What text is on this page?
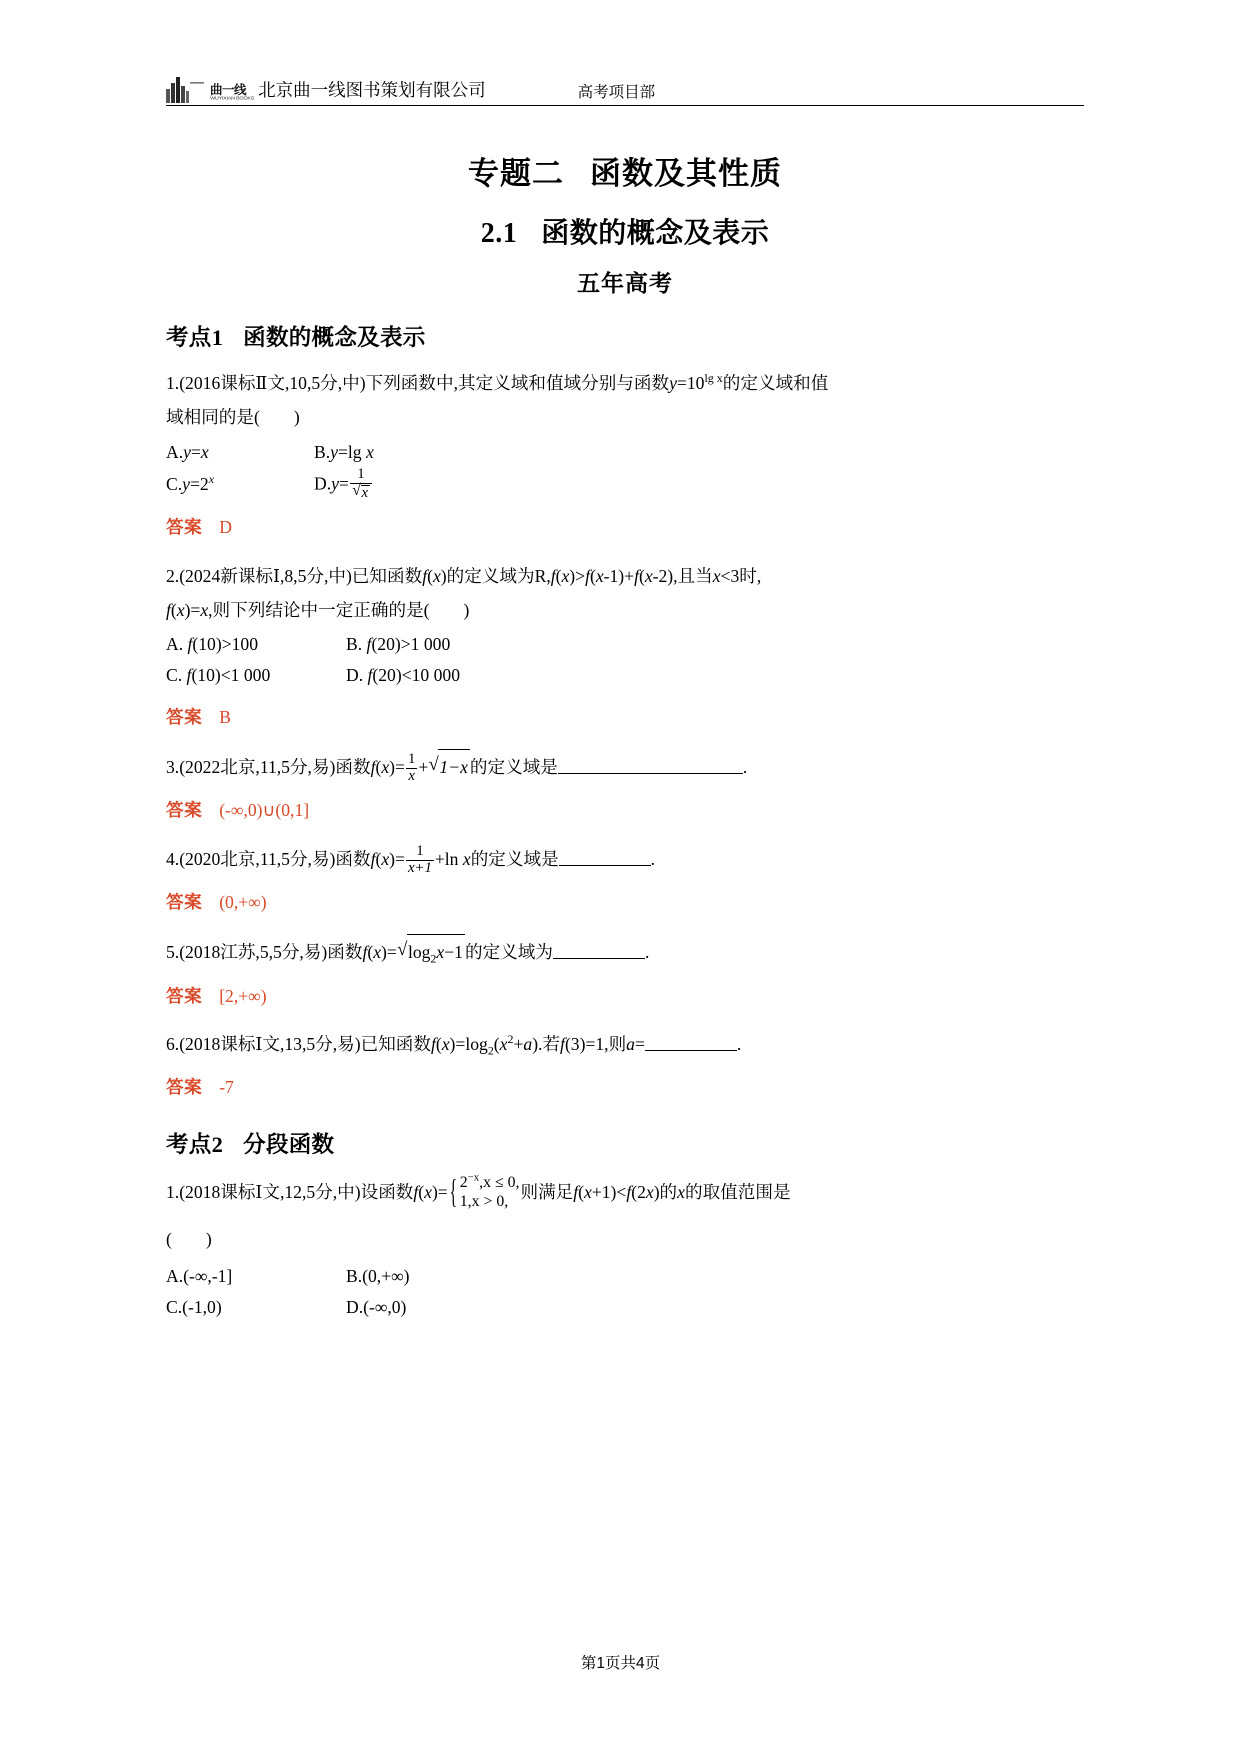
曲一线
WUYIXIAN BOOKS 北京曲一线图书策划有限公司	高考项目部
专题二 函数及其性质
2.1 函数的概念及表示
五年高考
考点1 函数的概念及表示
1.(2016课标Ⅱ文,10,5分,中)下列函数中,其定义域和值域分别与函数$y=10^{lg x}$的定义域和值
域相同的是( )
A.y=x	B.y=lg x
$C.y=2^x$	D.y= 1
√ x
答案 D
2.(2024新课标Ⅰ,8,5分,中)已知函数f(x)的定义域为R,f(x)>f(x-1)+f(x-2),且当x<3时,
f(x)=x,则下列结论中一定正确的是( )
A. f(10)>100	B. f(20)>1 000
C. f(10)<1 000	D. f(20)<10 000
答案 B
3.(2022北京,11,5分,易)函数$f(x)= \frac{1}{x}$ + √ 1−x 的定义域是	.
答案 (-∞,0)∪(0,1]
4.(2020北京,11,5分,易)函数$f(x)= \frac{1}{x+1} +\ln$ x的定义域是	.
答案 (0,+∞)
5.(2018江苏,5,5分,易)函数f(x)= √ $\log_2x-1$ 的定义域为	.
答案 [2,+∞)
6.(2018课标Ⅰ文,13,5分,易)已知函数$f(x)=\log_2(x^2+a)$.若f(3)=1,则a=	.
答案 -7
考点2 分段函数
1.(2018课标Ⅰ文,12,5分,中)设函数f(x)= { $2^{-x},x \le 0$,
1,x > 0,
则满足f(x+1)<f(2x)的x的取值范围是
( )
A.(-∞,-1]	B.(0,+∞)
C.(-1,0)	D.(-∞,0)
第1页共4页
